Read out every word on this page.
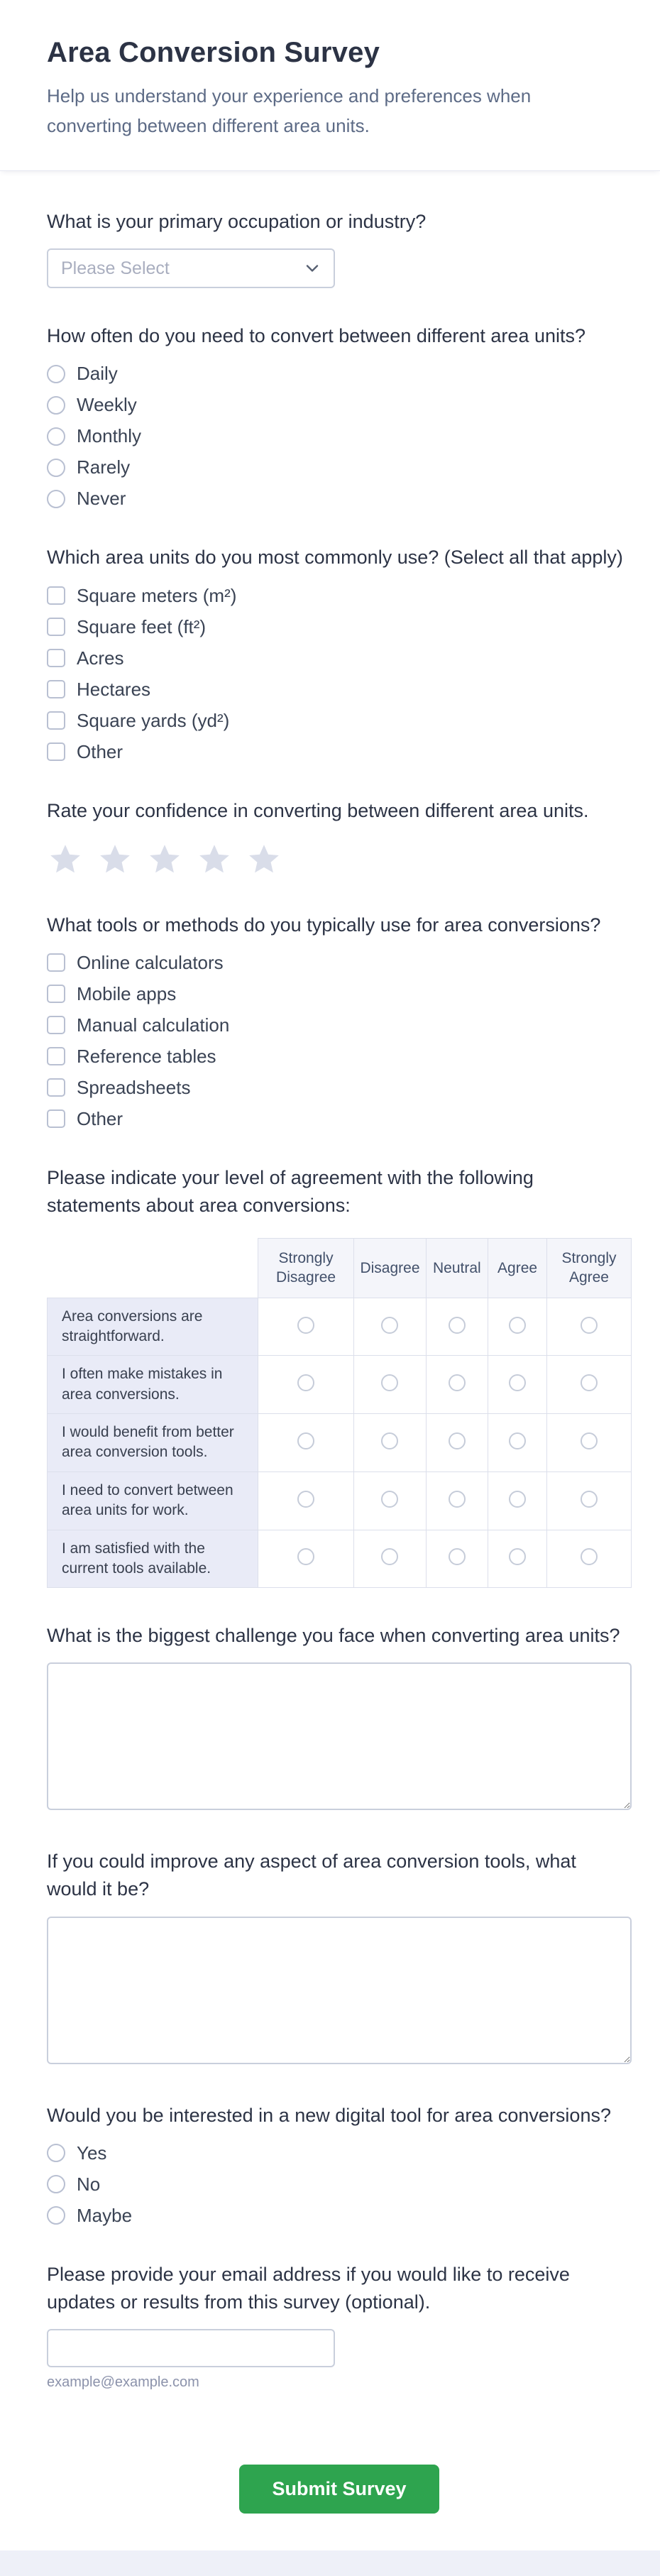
Area Conversion Survey

Help us understand your experience and preferences when converting between different area units.

What is your primary occupation or industry?

Please Select

How often do you need to convert between different area units?

Daily
Weekly
Monthly
Rarely
Never

Which area units do you most commonly use? (Select all that apply)

Square meters (m²)
Square feet (ft²)
Acres
Hectares
Square yards (yd²)
Other

Rate your confidence in converting between different area units.

What tools or methods do you typically use for area conversions?

Online calculators
Mobile apps
Manual calculation
Reference tables
Spreadsheets
Other

Please indicate your level of agreement with the following statements about area conversions:

	Strongly Disagree	Disagree	Neutral	Agree	Strongly Agree
Area conversions are straightforward.					
I often make mistakes in area conversions.					
I would benefit from better area conversion tools.					
I need to convert between area units for work.					
I am satisfied with the current tools available.					

What is the biggest challenge you face when converting area units?

If you could improve any aspect of area conversion tools, what would it be?

Would you be interested in a new digital tool for area conversions?

Yes
No
Maybe

Please provide your email address if you would like to receive updates or results from this survey (optional).

example@example.com
Submit Survey
